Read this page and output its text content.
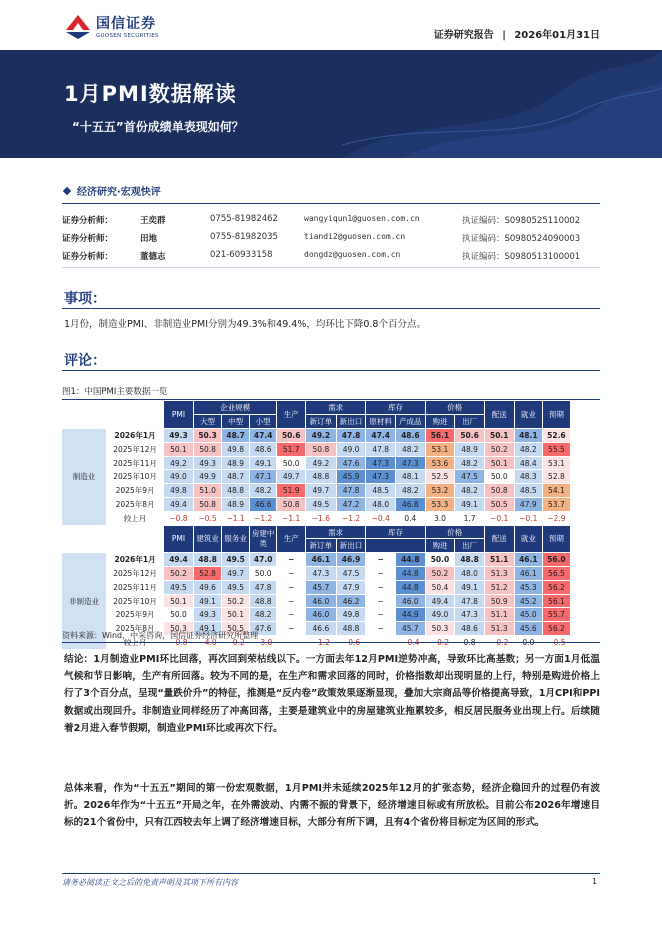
国信证券
GUOSEN SECURITIES	证券研究报告 | 2026年01月31日
1月PMI数据解读
“十五五”首份成绩单表现如何？
经济研究·宏观快评
证券分析师：	王奕群	0755-81982462	wangyiqun1@guosen.com.cn	执证编码：S0980525110002
证券分析师：	田地	0755-81982035	tiandi2@guosen.com.cn	执证编码：S0980524090003
证券分析师：	董德志	021-60933158	dongdz@guosen.com.cn	执证编码：S0980513100001
事项：
1月份，制造业PMI、非制造业PMI分别为49.3%和49.4%，均环比下降0.8个百分点。
评论：
图1：中国PMI主要数据一览
		PMI	企业规模			生产	需求		库存		价格		配送	就业	预期
			大型	中型	小型		新订单	新出口	原材料	产成品	购进	出厂			
制造业	2026年1月	49.3	50.3	48.7	47.4	50.6	49.2	47.8	47.4	48.6	56.1	50.6	50.1	48.1	52.6
	2025年12月	50.1	50.8	49.8	48.6	51.7	50.8	49.0	47.8	48.2	53.1	48.9	50.2	48.2	55.5
	2025年11月	49.2	49.3	48.9	49.1	50.0	49.2	47.6	47.3	47.3	53.6	48.2	50.1	48.4	53.1
	2025年10月	49.0	49.9	48.7	47.1	49.7	48.8	45.9	47.3	48.1	52.5	47.5	50.0	48.3	52.8
	2025年9月	49.8	51.0	48.8	48.2	51.9	49.7	47.8	48.5	48.2	53.2	48.2	50.8	48.5	54.1
	2025年8月	49.4	50.8	48.9	46.6	50.8	49.5	47.2	48.0	46.8	53.3	49.1	50.5	47.9	53.7
	较上月	−0.8	−0.5	−1.1	−1.2	−1.1	−1.6	−1.2	−0.4	0.4	3.0	1.7	−0.1	−0.1	−2.9
		PMI	建筑业	服务业	房建中类	生产	需求		库存		价格		配送	就业	预期
							新订单	新出口			购进	出厂			
非制造业	2026年1月	49.4	48.8	49.5	47.0	−	46.1	46.9	−	44.8	50.0	48.8	51.1	46.1	56.0
	2025年12月	50.2	52.8	49.7	50.0	−	47.3	47.5	−	44.8	50.2	48.0	51.3	46.1	56.5
	2025年11月	49.5	49.6	49.5	47.8	−	45.7	47.9	−	44.8	50.4	49.1	51.2	45.3	56.2
	2025年10月	50.1	49.1	50.2	48.8	−	46.0	46.2	−	46.0	49.4	47.8	50.9	45.2	56.1
	2025年9月	50.0	49.3	50.1	48.2	−	46.0	49.8	−	44.9	49.0	47.3	51.1	45.0	55.7
	2025年8月	50.3	49.1	50.5	47.6	−	46.6	48.8	−	45.7	50.3	48.6	51.3	45.6	56.2

资料来源：Wind，中采咨询，国信证券经济研究所整理
结论：1月制造业PMI环比回落，再次回到荣枯线以下。一方面去年12月PMI逆势冲高，导致环比高基数；另一方面1月低温气候和节日影响，生产有所回落。较为不同的是，在生产和需求回落的同时，价格指数却出现明显的上行，特别是购进价格上行了3个百分点，呈现“量跌价升”的特征，推测是“反内卷”政策效果逐渐显现，叠加大宗商品等价格提高导致，1月CPI和PPI数据或出现回升。非制造业同样经历了冲高回落，主要是建筑业中的房屋建筑业拖累较多，相反居民服务业出现上行。后续随着2月进入春节假期，制造业PMI环比或再次下行。
总体来看，作为“十五五”期间的第一份宏观数据，1月PMI并未延续2025年12月的扩张态势，经济企稳回升的过程仍有波折。2026年作为“十五五”开局之年，在外需波动、内需不振的背景下，经济增速目标或有所放松。目前公布2026年增速目标的21个省份中，只有江西较去年上调了经济增速目标，大部分有所下调，且有4个省份将目标定为区间的形式。
请务必阅读正文之后的免责声明及其项下所有内容	1
